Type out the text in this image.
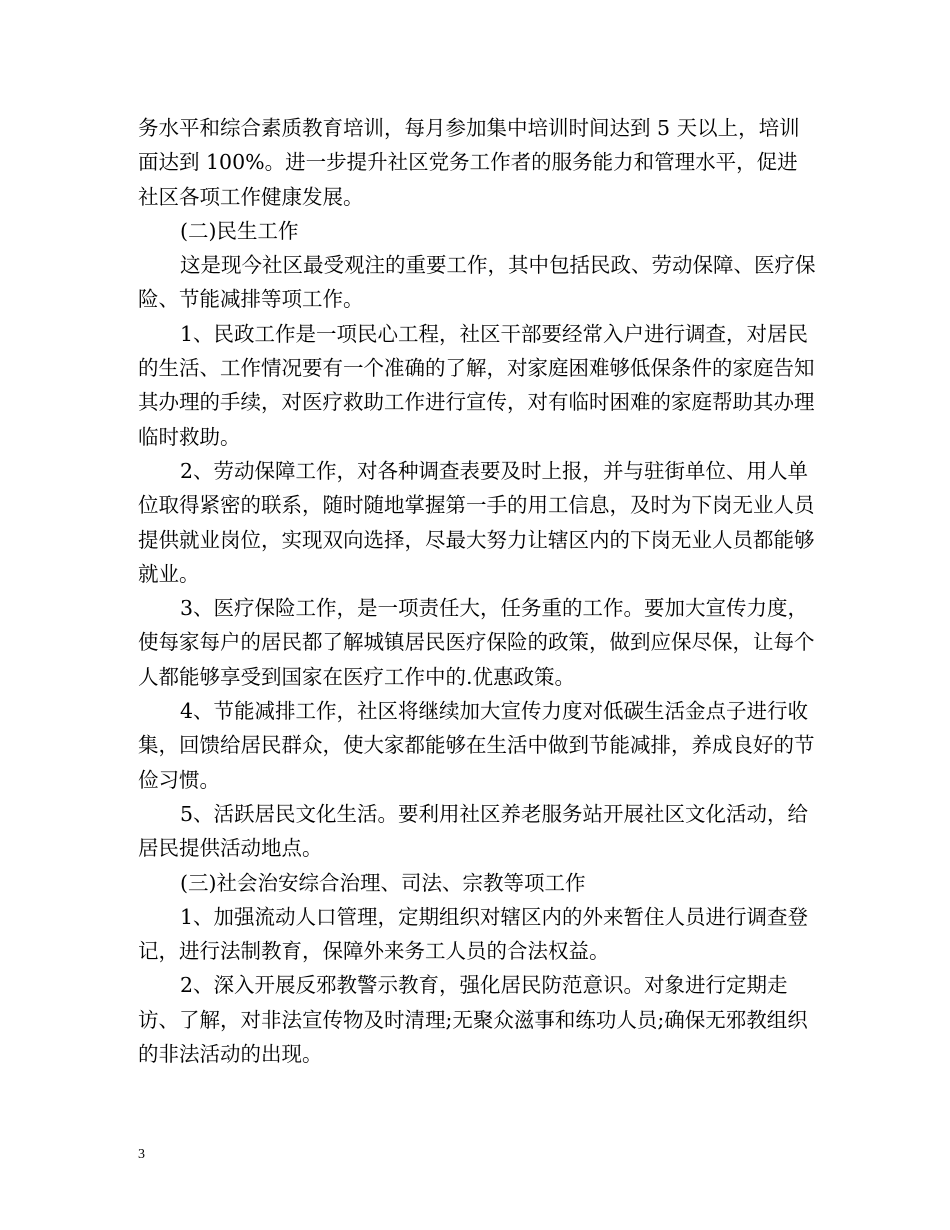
务水平和综合素质教育培训，每月参加集中培训时间达到 5 天以上，培训面达到 100%。进一步提升社区党务工作者的服务能力和管理水平，促进社区各项工作健康发展。

(二)民生工作

这是现今社区最受观注的重要工作，其中包括民政、劳动保障、医疗保险、节能减排等项工作。

1、民政工作是一项民心工程，社区干部要经常入户进行调查，对居民的生活、工作情况要有一个准确的了解，对家庭困难够低保条件的家庭告知其办理的手续，对医疗救助工作进行宣传，对有临时困难的家庭帮助其办理临时救助。

2、劳动保障工作，对各种调查表要及时上报，并与驻街单位、用人单位取得紧密的联系，随时随地掌握第一手的用工信息，及时为下岗无业人员提供就业岗位，实现双向选择，尽最大努力让辖区内的下岗无业人员都能够就业。

3、医疗保险工作，是一项责任大，任务重的工作。要加大宣传力度，使每家每户的居民都了解城镇居民医疗保险的政策，做到应保尽保，让每个人都能够享受到国家在医疗工作中的.优惠政策。

4、节能减排工作，社区将继续加大宣传力度对低碳生活金点子进行收集，回馈给居民群众，使大家都能够在生活中做到节能减排，养成良好的节俭习惯。

5、活跃居民文化生活。要利用社区养老服务站开展社区文化活动，给居民提供活动地点。

(三)社会治安综合治理、司法、宗教等项工作

1、加强流动人口管理，定期组织对辖区内的外来暂住人员进行调查登记，进行法制教育，保障外来务工人员的合法权益。

2、深入开展反邪教警示教育，强化居民防范意识。对象进行定期走访、了解，对非法宣传物及时清理;无聚众滋事和练功人员;确保无邪教组织的非法活动的出现。

3
